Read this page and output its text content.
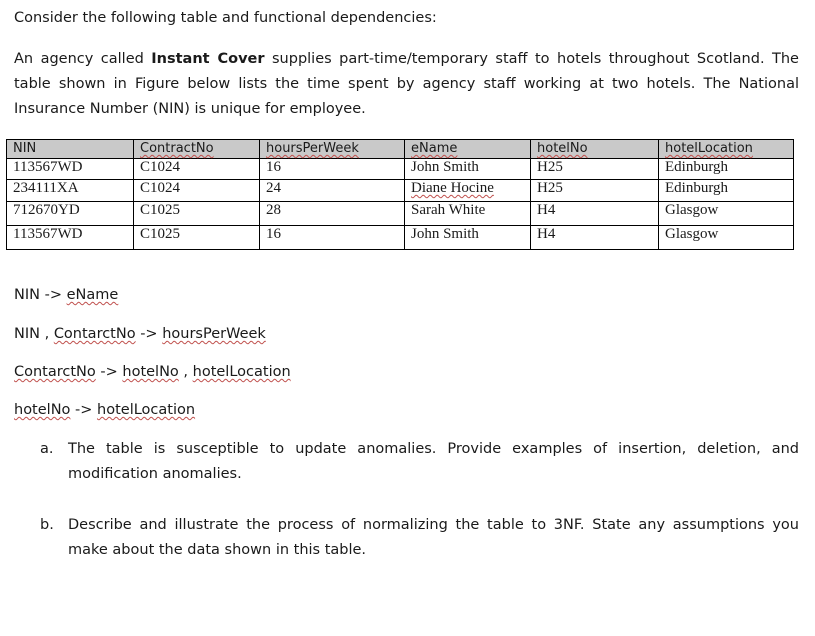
Consider the following table and functional dependencies:
An agency called Instant Cover supplies part-time/temporary staff to hotels throughout Scotland. The table shown in Figure below lists the time spent by agency staff working at two hotels. The National Insurance Number (NIN) is unique for employee.
NIN	ContractNo	hoursPerWeek	eName	hotelNo	hotelLocation
113567WD	C1024	16	John Smith	H25	Edinburgh
234111XA	C1024	24	Diane Hocine	H25	Edinburgh
712670YD	C1025	28	Sarah White	H4	Glasgow
113567WD	C1025	16	John Smith	H4	Glasgow
NIN -> eName
NIN , ContarctNo -> hoursPerWeek
ContarctNo -> hotelNo , hotelLocation
hotelNo -> hotelLocation
a. The table is susceptible to update anomalies. Provide examples of insertion, deletion, and modification anomalies.
b. Describe and illustrate the process of normalizing the table to 3NF. State any assumptions you make about the data shown in this table.
